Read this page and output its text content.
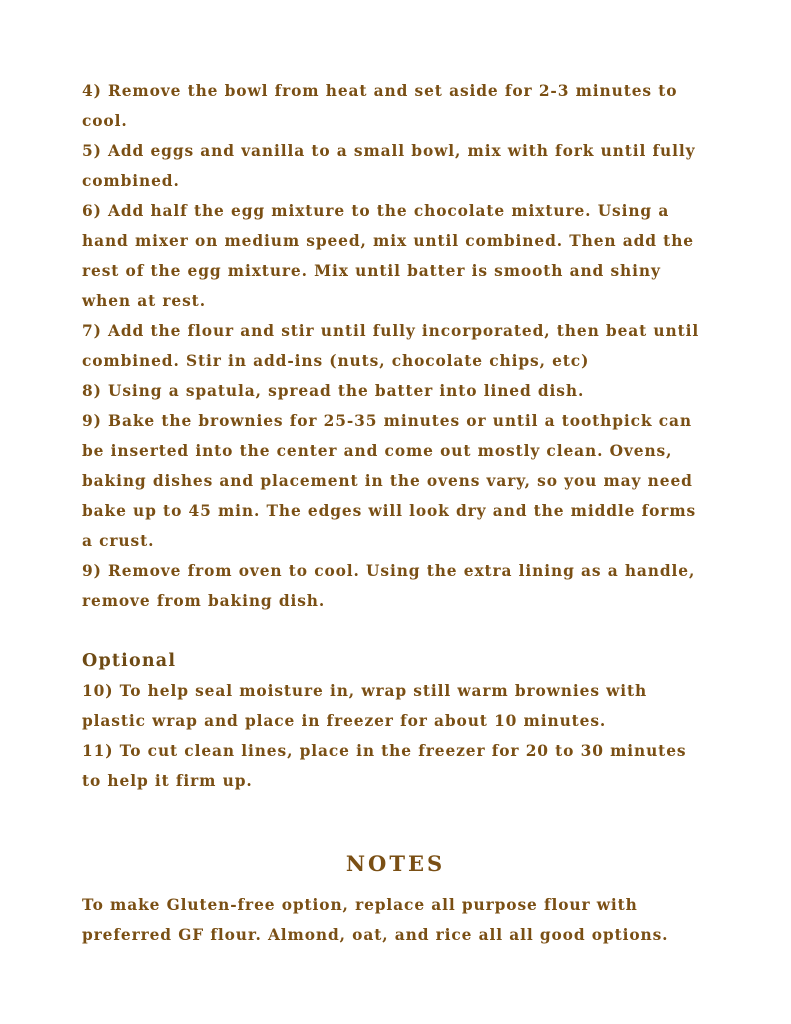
4) Remove the bowl from heat and set aside for 2-3 minutes to cool.

5) Add eggs and vanilla to a small bowl, mix with fork until fully combined.

6) Add half the egg mixture to the chocolate mixture. Using a hand mixer on medium speed, mix until combined. Then add the rest of the egg mixture. Mix until batter is smooth and shiny when at rest.

7) Add the flour and stir until fully incorporated, then beat until combined. Stir in add-ins (nuts, chocolate chips, etc)

8) Using a spatula, spread the batter into lined dish.

9) Bake the brownies for 25-35 minutes or until a toothpick can be inserted into the center and come out mostly clean. Ovens, baking dishes and placement in the ovens vary, so you may need bake up to 45 min. The edges will look dry and the middle forms a crust.

9) Remove from oven to cool. Using the extra lining as a handle, remove from baking dish.

Optional

10) To help seal moisture in, wrap still warm brownies with plastic wrap and place in freezer for about 10 minutes.

11) To cut clean lines, place in the freezer for 20 to 30 minutes to help it firm up.

NOTES

To make Gluten-free option, replace all purpose flour with preferred GF flour. Almond, oat, and rice all all good options.
